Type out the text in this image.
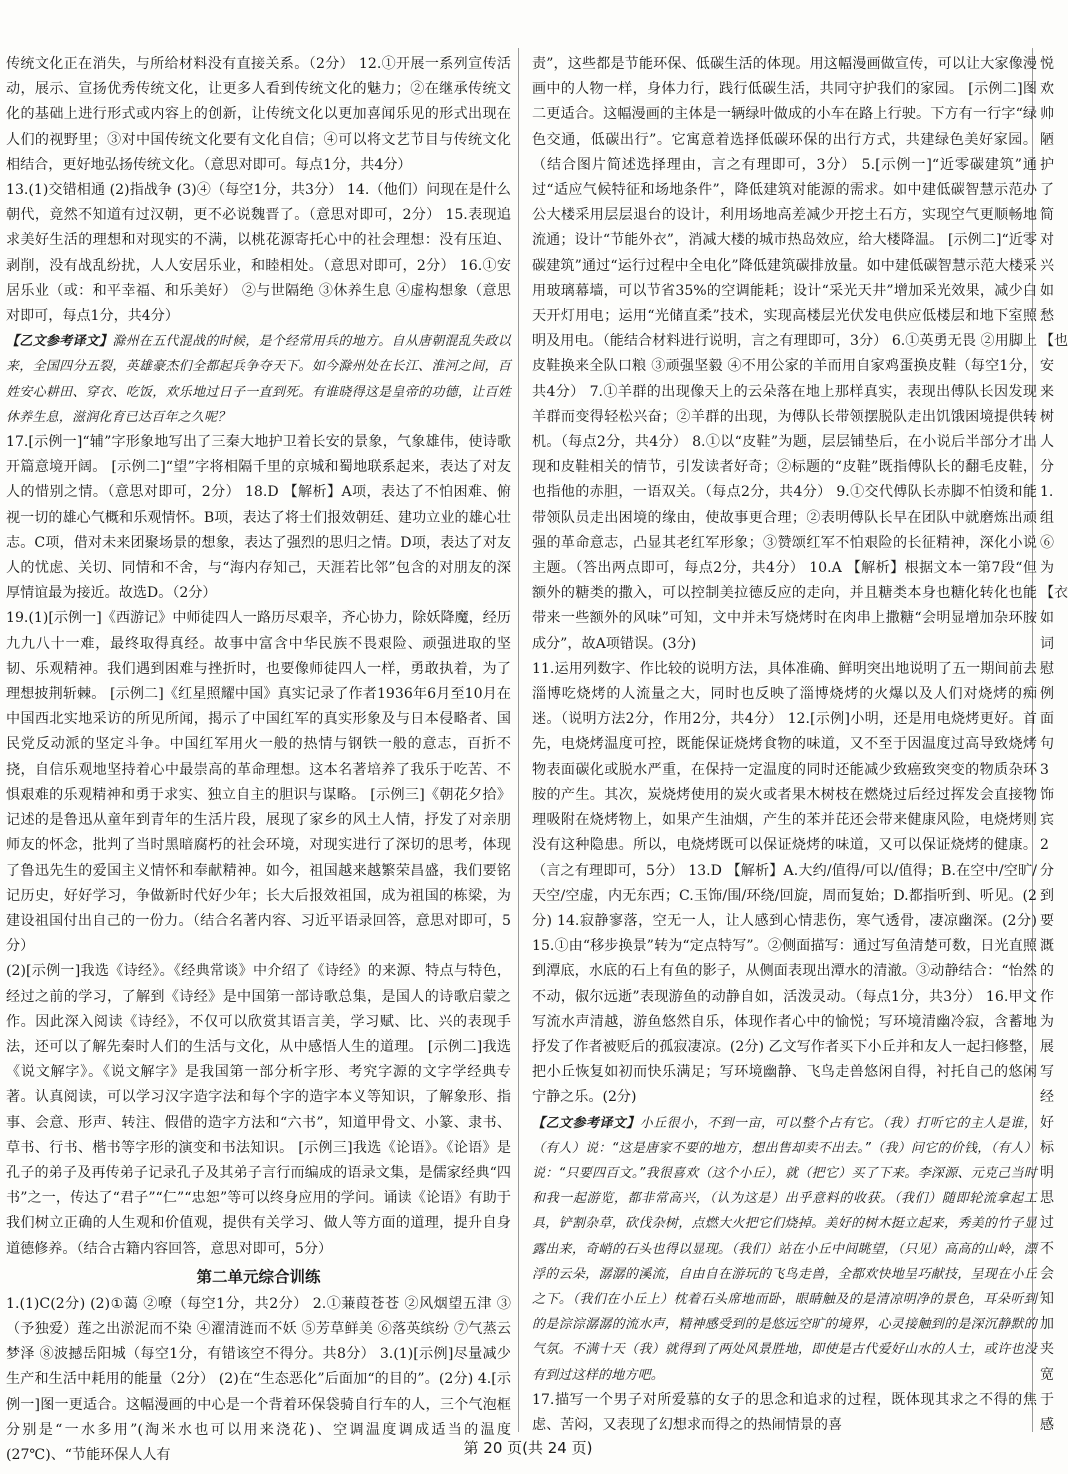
传统文化正在消失，与所给材料没有直接关系。（2分） 12.①开展一系列宣传活动，展示、宣扬优秀传统文化，让更多人看到传统文化的魅力；②在继承传统文化的基础上进行形式或内容上的创新，让传统文化以更加喜闻乐见的形式出现在人们的视野里；③对中国传统文化要有文化自信；④可以将文艺节目与传统文化相结合，更好地弘扬传统文化。（意思对即可。每点1分，共4分）

13.(1)交错相通 (2)指战争 (3)④（每空1分，共3分） 14.（他们）问现在是什么朝代，竟然不知道有过汉朝，更不必说魏晋了。（意思对即可，2分） 15.表现追求美好生活的理想和对现实的不满，以桃花源寄托心中的社会理想：没有压迫、剥削，没有战乱纷扰，人人安居乐业，和睦相处。（意思对即可，2分） 16.①安居乐业（或：和平幸福、和乐美好） ②与世隔绝 ③休养生息 ④虚构想象（意思对即可，每点1分，共4分）

【乙文参考译文】滁州在五代混战的时候，是个经常用兵的地方。自从唐朝混乱失政以来，全国四分五裂，英雄豪杰们全都起兵争夺天下。如今滁州处在长江、淮河之间，百姓安心耕田、穿衣、吃饭，欢乐地过日子一直到死。有谁晓得这是皇帝的功德，让百姓休养生息，滋润化育已达百年之久呢？

17.[示例一]“辅”字形象地写出了三秦大地护卫着长安的景象，气象雄伟，使诗歌开篇意境开阔。 [示例二]“望”字将相隔千里的京城和蜀地联系起来，表达了对友人的惜别之情。（意思对即可，2分） 18.D 【解析】A项，表达了不怕困难、俯视一切的雄心气概和乐观情怀。B项，表达了将士们报效朝廷、建功立业的雄心壮志。C项，借对未来团聚场景的想象，表达了强烈的思归之情。D项，表达了对友人的忧虑、关切、同情和不舍，与“海内存知己，天涯若比邻”包含的对朋友的深厚情谊最为接近。故选D。（2分）

19.(1)[示例一]《西游记》中师徒四人一路历尽艰辛，齐心协力，除妖降魔，经历九九八十一难，最终取得真经。故事中富含中华民族不畏艰险、顽强进取的坚韧、乐观精神。我们遇到困难与挫折时，也要像师徒四人一样，勇敢执着，为了理想披荆斩棘。 [示例二]《红星照耀中国》真实记录了作者1936年6月至10月在中国西北实地采访的所见所闻，揭示了中国红军的真实形象及与日本侵略者、国民党反动派的坚定斗争。中国红军用火一般的热情与钢铁一般的意志，百折不挠，自信乐观地坚持着心中最崇高的革命理想。这本名著培养了我乐于吃苦、不惧艰难的乐观精神和勇于求实、独立自主的胆识与谋略。 [示例三]《朝花夕拾》记述的是鲁迅从童年到青年的生活片段，展现了家乡的风土人情，抒发了对亲朋师友的怀念，批判了当时黑暗腐朽的社会环境，对现实进行了深切的思考，体现了鲁迅先生的爱国主义情怀和奉献精神。如今，祖国越来越繁荣昌盛，我们要铭记历史，好好学习，争做新时代好少年；长大后报效祖国，成为祖国的栋梁，为建设祖国付出自己的一份力。（结合名著内容、习近平语录回答，意思对即可，5分）

(2)[示例一]我选《诗经》。《经典常谈》中介绍了《诗经》的来源、特点与特色，经过之前的学习，了解到《诗经》是中国第一部诗歌总集，是国人的诗歌启蒙之作。因此深入阅读《诗经》，不仅可以欣赏其语言美，学习赋、比、兴的表现手法，还可以了解先秦时人们的生活与文化，从中感悟人生的道理。 [示例二]我选《说文解字》。《说文解字》是我国第一部分析字形、考究字源的文字学经典专著。认真阅读，可以学习汉字造字法和每个字的造字本义等知识，了解象形、指事、会意、形声、转注、假借的造字方法和“六书”，知道甲骨文、小篆、隶书、草书、行书、楷书等字形的演变和书法知识。 [示例三]我选《论语》。《论语》是孔子的弟子及再传弟子记录孔子及其弟子言行而编成的语录文集，是儒家经典“四书”之一，传达了“君子”“仁”“忠恕”等可以终身应用的学问。诵读《论语》有助于我们树立正确的人生观和价值观，提供有关学习、做人等方面的道理，提升自身道德修养。（结合古籍内容回答，意思对即可，5分）

第二单元综合训练

1.(1)C(2分) (2)①蔼 ②嘹（每空1分，共2分） 2.①蒹葭苍苍 ②风烟望五津 ③（予独爱）莲之出淤泥而不染 ④濯清涟而不妖 ⑤芳草鲜美 ⑥落英缤纷 ⑦气蒸云梦泽 ⑧波撼岳阳城（每空1分，有错该空不得分。共8分） 3.(1)[示例]尽量减少生产和生活中耗用的能量（2分） (2)在“生态恶化”后面加“的目的”。(2分) 4.[示例一]图一更适合。这幅漫画的中心是一个背着环保袋骑自行车的人，三个气泡框分别是“一水多用”(淘米水也可以用来浇花)、空调温度调成适当的温度(27℃)、“节能环保人人有

责”，这些都是节能环保、低碳生活的体现。用这幅漫画做宣传，可以让大家像漫画中的人物一样，身体力行，践行低碳生活，共同守护我们的家园。 [示例二]图二更适合。这幅漫画的主体是一辆绿叶做成的小车在路上行驶。下方有一行字“绿色交通，低碳出行”。它寓意着选择低碳环保的出行方式，共建绿色美好家园。（结合图片简述选择理由，言之有理即可，3分） 5.[示例一]“近零碳建筑”通过“适应气候特征和场地条件”，降低建筑对能源的需求。如中建低碳智慧示范办公大楼采用层层退台的设计，利用场地高差减少开挖土石方，实现空气更顺畅地流通；设计“节能外衣”，消减大楼的城市热岛效应，给大楼降温。 [示例二]“近零碳建筑”通过“运行过程中全电化”降低建筑碳排放量。如中建低碳智慧示范大楼采用玻璃幕墙，可以节省35%的空调能耗；设计“采光天井”增加采光效果，减少白天开灯用电；运用“光储直柔”技术，实现高楼层光伏发电供应低楼层和地下室照明及用电。（能结合材料进行说明，言之有理即可，3分） 6.①英勇无畏 ②用脚上皮鞋换来全队口粮 ③顽强坚毅 ④不用公家的羊而用自家鸡蛋换皮鞋（每空1分，共4分） 7.①羊群的出现像天上的云朵落在地上那样真实，表现出傅队长因发现羊群而变得轻松兴奋；②羊群的出现，为傅队长带领摆脱队走出饥饿困境提供转机。（每点2分，共4分） 8.①以“皮鞋”为题，层层铺垫后，在小说后半部分才出现和皮鞋相关的情节，引发读者好奇；②标题的“皮鞋”既指傅队长的翻毛皮鞋，也指他的赤胆，一语双关。（每点2分，共4分） 9.①交代傅队长赤脚不怕烫和能带领队员走出困境的缘由，使故事更合理；②表明傅队长早在团队中就磨炼出顽强的革命意志，凸显其老红军形象；③赞颂红军不怕艰险的长征精神，深化小说主题。（答出两点即可，每点2分，共4分） 10.A 【解析】根据文本一第7段“但额外的糖类的撒入，可以控制美拉德反应的走向，并且糖类本身也糖化转化也能带来一些额外的风味”可知，文中并未写烧烤时在肉串上撒糖“会明显增加杂环胺成分”，故A项错误。(3分)

11.运用列数字、作比较的说明方法，具体准确、鲜明突出地说明了五一期间前去淄博吃烧烤的人流量之大，同时也反映了淄博烧烤的火爆以及人们对烧烤的痴迷。（说明方法2分，作用2分，共4分） 12.[示例]小明，还是用电烧烤更好。首先，电烧烤温度可控，既能保证烧烤食物的味道，又不至于因温度过高导致烧烤物表面碳化或脱水严重，在保持一定温度的同时还能减少致癌致突变的物质杂环胺的产生。其次，炭烧烤使用的炭火或者果木树枝在燃烧过后经过挥发会直接物理吸附在烧烤物上，如果产生油烟，产生的苯并芘还会带来健康风险，电烧烤则没有这种隐患。所以，电烧烤既可以保证烧烤的味道，又可以保证烧烤的健康。（言之有理即可，5分） 13.D 【解析】A.大约/值得/可以/值得；B.在空中/空旷/天空/空虚，内无东西；C.玉饰/围/环绕/回旋，周而复始；D.都指听到、听见。(2分) 14.寂静寥落，空无一人，让人感到心情悲伤，寒气透骨，凄凉幽深。(2分) 15.①由“移步换景”转为“定点特写”。②侧面描写：通过写鱼清楚可数，日光直照到潭底，水底的石上有鱼的影子，从侧面表现出潭水的清澈。③动静结合：“怡然不动，俶尔远逝”表现游鱼的动静自如，活泼灵动。（每点1分，共3分） 16.甲文写流水声清越，游鱼悠然自乐，体现作者心中的愉悦；写环境清幽冷寂，含蓄地抒发了作者被贬后的孤寂凄凉。(2分) 乙文写作者买下小丘并和友人一起扫修整，把小丘恢复如初而快乐满足；写环境幽静、飞鸟走兽悠闲自得，衬托自己的悠闲宁静之乐。(2分)

【乙文参考译文】小丘很小，不到一亩，可以整个占有它。（我）打听它的主人是谁，（有人）说：“这是唐家不要的地方，想出售却卖不出去。”（我）问它的价钱，（有人）说：“只要四百文。”我很喜欢（这个小丘），就（把它）买了下来。李深源、元克己当时和我一起游览，都非常高兴，（认为这是）出乎意料的收获。（我们）随即轮流拿起工具，铲割杂草，砍伐杂树，点燃大火把它们烧掉。美好的树木挺立起来，秀美的竹子显露出来，奇峭的石头也得以显现。（我们）站在小丘中间眺望，（只见）高高的山岭，漂浮的云朵，潺潺的溪流，自由自在游玩的飞鸟走兽，全都欢快地呈巧献技，呈现在小丘之下。（我们在小丘上）枕着石头席地而卧，眼睛触及的是清凉明净的景色，耳朵听到的是淙淙潺潺的流水声，精神感受到的是悠远空旷的境界，心灵接触到的是深沉静默的气氛。不满十天（我）就得到了两处风景胜地，即使是古代爱好山水的人士，或许也没有到过这样的地方吧。

17.描写一个男子对所爱慕的女子的思念和追求的过程，既体现其求之不得的焦虑、苦闷，又表现了幻想求而得之的热闹情景的喜

悦欢帅陋护了简对兴如愁【也安来树人分1.组⑥为【衣如词慰例面句3饰宾2分到要溉的作为展写经好标明思过不会知加夹宽于感
第 20 页(共 24 页)
